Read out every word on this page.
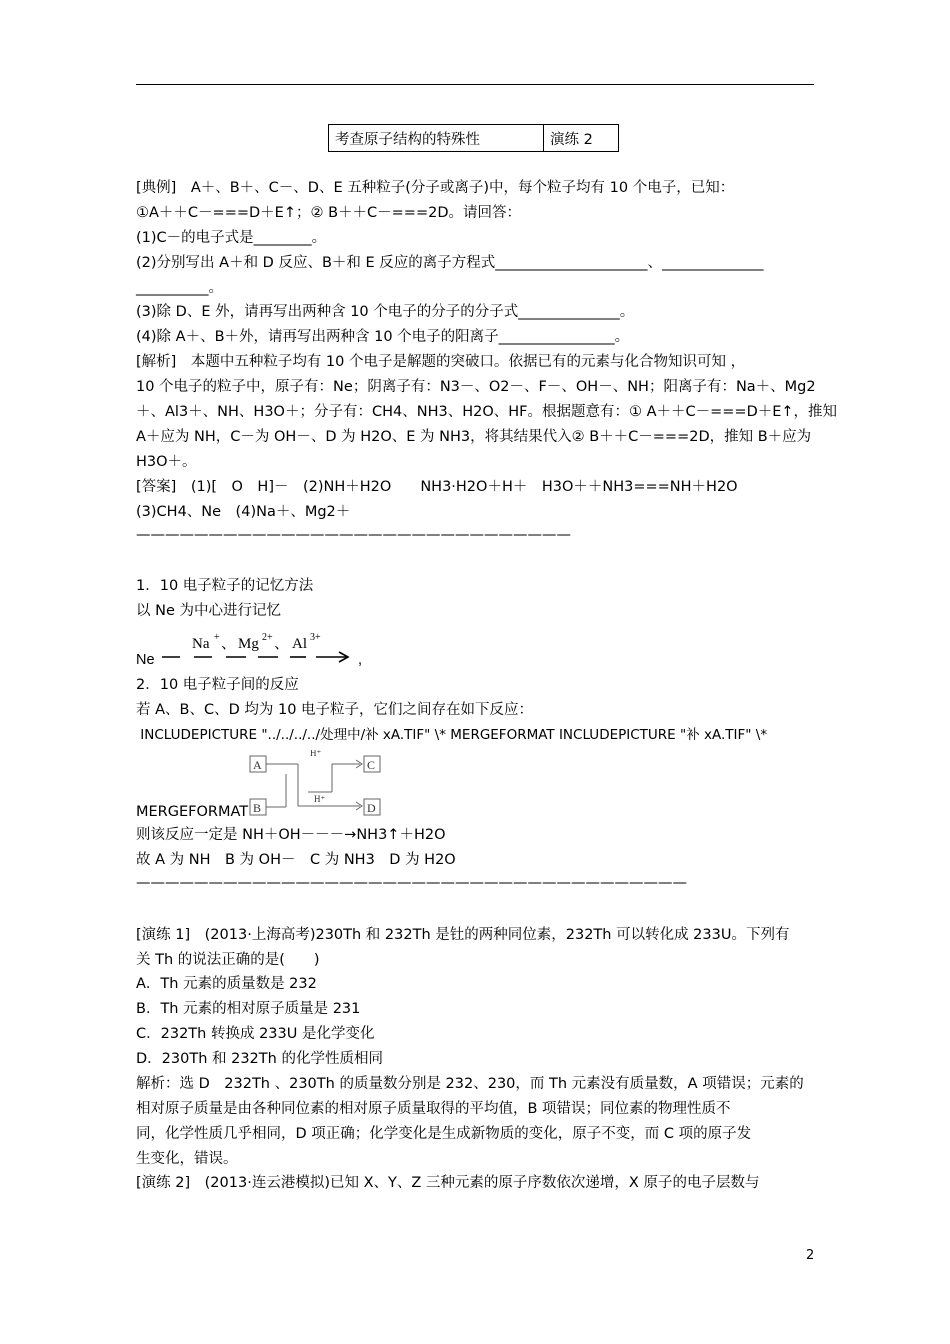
考查原子结构的特殊性	演练 2
[典例]　A＋、B＋、C－、D、E 五种粒子(分子或离子)中，每个粒子均有 10 个电子，已知：
①A＋＋C－===D＋E↑；② B＋＋C－===2D。请回答：
(1)C－的电子式是________。
(2)分别写出 A＋和 D 反应、B＋和 E 反应的离子方程式_____________________、______________
__________。
(3)除 D、E 外，请再写出两种含 10 个电子的分子的分子式______________。
(4)除 A＋、B＋外，请再写出两种含 10 个电子的阳离子________________。
[解析]　本题中五种粒子均有 10 个电子是解题的突破口。依据已有的元素与化合物知识可知 ，
10 个电子的粒子中，原子有：Ne；阴离子有：N3－、O2－、F－、OH－、NH；阳离子有：Na＋、Mg2
＋、Al3＋、NH、H3O＋；分子有：CH4、NH3、H2O、HF。根据题意有：① A＋＋C－===D＋E↑，推知
A＋应为 NH，C－为 OH－、D 为 H2O、E 为 NH3，将其结果代入② B＋＋C－===2D，推知 B＋应为
H3O＋。
[答案]　(1)[　O　H]－　(2)NH＋H2O　　NH3·H2O＋H＋　H3O＋＋NH3===NH＋H2O
(3)CH4、Ne　(4)Na＋、Mg2＋
——————————————————————————————
1．10 电子粒子的记忆方法
以 Ne 为中心进行记忆
Ne
Na + 、 Mg 2+ 、 Al 3+
,
2．10 电子粒子间的反应
若 A、B、C、D 均为 10 电子粒子，它们之间存在如下反应：
INCLUDEPICTURE "../../../../处理中/补 xA.TIF" \* MERGEFORMAT INCLUDEPICTURE "补 xA.TIF" \*
A
B
C
D
H⁺
H⁺
MERGEFORMAT
则该反应一定是 NH＋OH－－－→NH3↑＋H2O
故 A 为 NH　B 为 OH－　C 为 NH3　D 为 H2O
——————————————————————————————————————
[演练 1]　(2013·上海高考)230Th 和 232Th 是钍的两种同位素，232Th 可以转化成 233U。下列有
关 Th 的说法正确的是(　　)
A．Th 元素的质量数是 232
B．Th 元素的相对原子质量是 231
C．232Th 转换成 233U 是化学变化
D．230Th 和 232Th 的化学性质相同
解析：选 D　232Th 、230Th 的质量数分别是 232、230，而 Th 元素没有质量数，A 项错误；元素的
相对原子质量是由各种同位素的相对原子质量取得的平均值，B 项错误；同位素的物理性质不
同，化学性质几乎相同，D 项正确；化学变化是生成新物质的变化，原子不变，而 C 项的原子发
生变化，错误。
[演练 2]　(2013·连云港模拟)已知 X、Y、Z 三种元素的原子序数依次递增，X 原子的电子层数与
2
